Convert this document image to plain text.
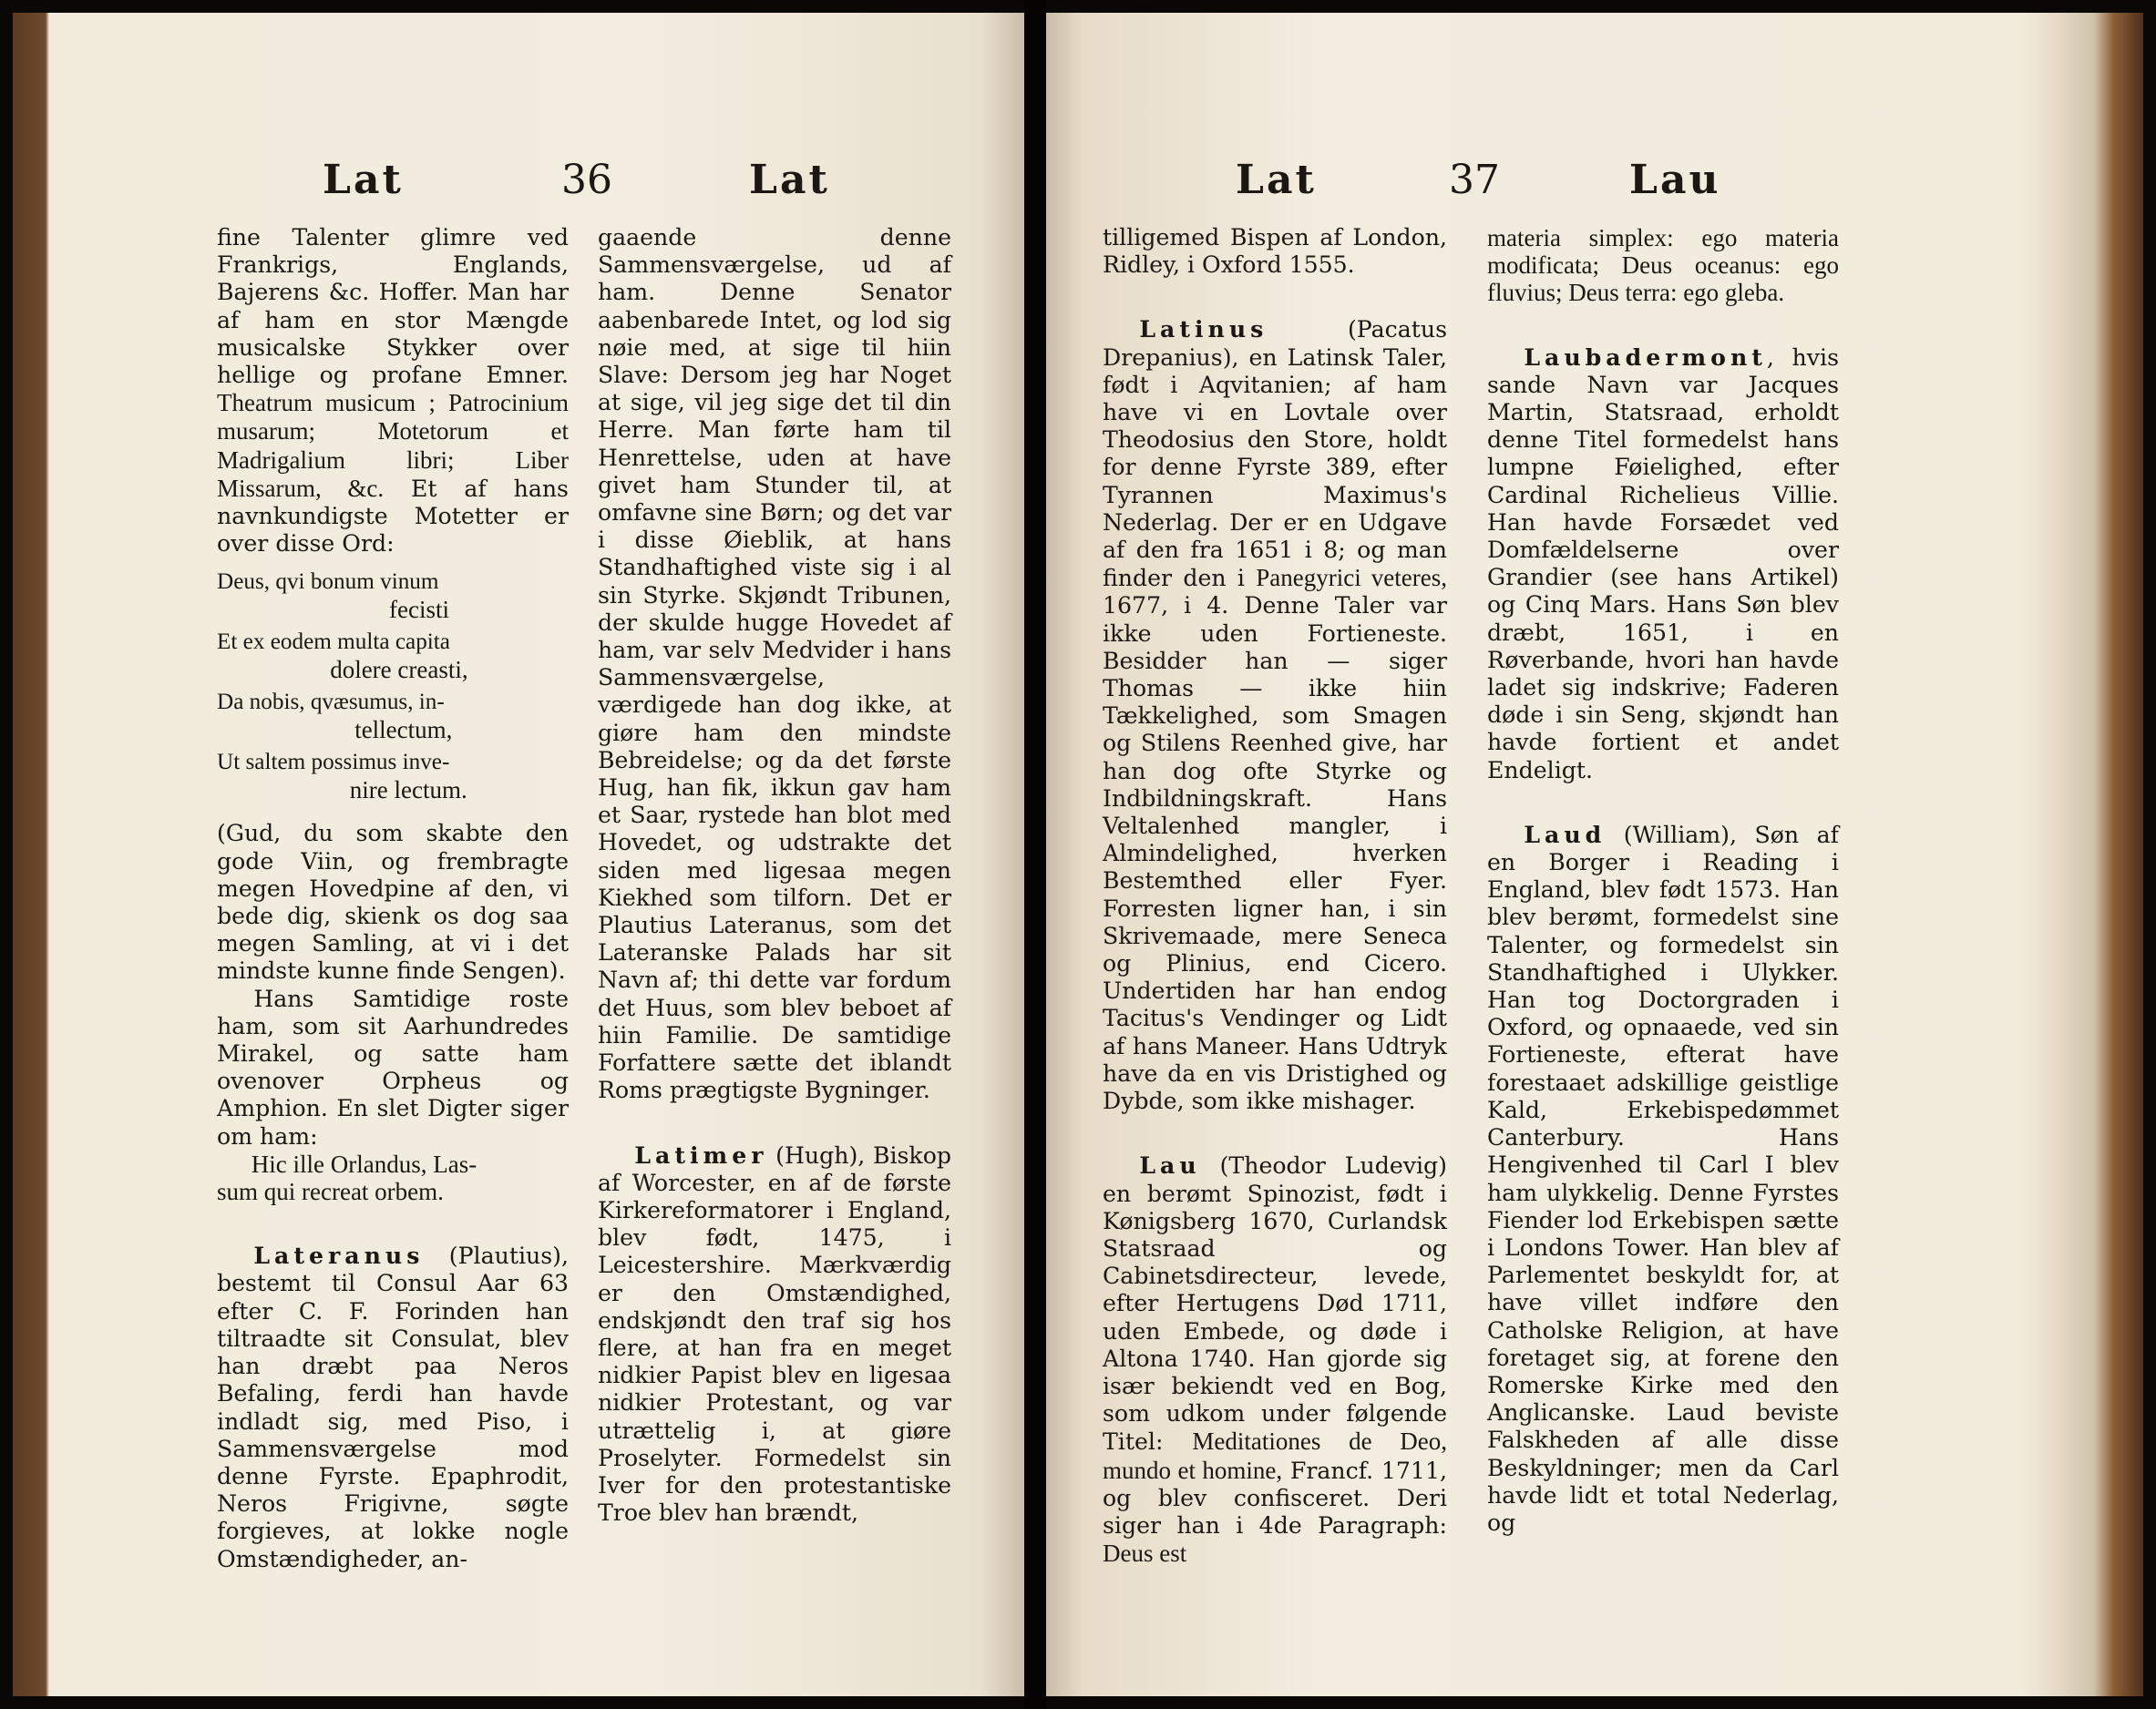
Lat	36	Lat

fine Talenter glimre ved Frankrigs, Englands, Bajerens &c. Hoffer. Man har af ham en stor Mængde musicalske Stykker over hellige og profane Emner. Theatrum musicum ; Patrocinium musarum; Motetorum et Madrigalium libri; Liber Missarum, &c. Et af hans navnkundigste Motetter er over disse Ord:

Deus, qvi bonum vinum

fecisti

Et ex eodem multa capita

dolere creasti,

Da nobis, qvæsumus, in-

tellectum,

Ut saltem possimus inve-

nire lectum.

(Gud, du som skabte den gode Viin, og frembragte megen Hovedpine af den, vi bede dig, skienk os dog saa megen Samling, at vi i det mindste kunne finde Sengen).

Hans Samtidige roste ham, som sit Aarhundredes Mirakel, og satte ham ovenover Orpheus og Amphion. En slet Digter siger om ham:

Hic ille Orlandus, Las-

sum qui recreat orbem.

Lateranus (Plautius), bestemt til Consul Aar 63 efter C. F. Forinden han tiltraadte sit Consulat, blev han dræbt paa Neros Befaling, ferdi han havde indladt sig, med Piso, i Sammensværgelse mod denne Fyrste. Epaphrodit, Neros Frigivne, søgte forgieves, at lokke nogle Omstændigheder, an-

gaaende denne Sammensværgelse, ud af ham. Denne Senator aabenbarede Intet, og lod sig nøie med, at sige til hiin Slave: Dersom jeg har Noget at sige, vil jeg sige det til din Herre. Man førte ham til Henrettelse, uden at have givet ham Stunder til, at omfavne sine Børn; og det var i disse Øieblik, at hans Standhaftighed viste sig i al sin Styrke. Skjøndt Tribunen, der skulde hugge Hovedet af ham, var selv Medvider i hans Sammensværgelse, værdigede han dog ikke, at giøre ham den mindste Bebreidelse; og da det første Hug, han fik, ikkun gav ham et Saar, rystede han blot med Hovedet, og udstrakte det siden med ligesaa megen Kiekhed som tilforn. Det er Plautius Lateranus, som det Lateranske Palads har sit Navn af; thi dette var fordum det Huus, som blev beboet af hiin Familie. De samtidige Forfattere sætte det iblandt Roms prægtigste Bygninger.

Latimer (Hugh), Biskop af Worcester, en af de første Kirkereformatorer i England, blev født, 1475, i Leicestershire. Mærkværdig er den Omstændighed, endskjøndt den traf sig hos flere, at han fra en meget nidkier Papist blev en ligesaa nidkier Protestant, og var utrættelig i, at giøre Proselyter. Formedelst sin Iver for den protestantiske Troe blev han brændt,

Lat	37	Lau

tilligemed Bispen af London, Ridley, i Oxford 1555.

Latinus	(Pacatus Drepanius), en Latinsk Taler, født i Aqvitanien; af ham have vi en Lovtale over Theodosius den Store, holdt for denne Fyrste 389, efter Tyrannen Maximus's Nederlag. Der er en Udgave af den fra 1651 i 8; og man finder den i Panegyrici veteres, 1677, i 4. Denne Taler var ikke uden Fortieneste. Besidder han — siger Thomas — ikke hiin Tækkelighed, som Smagen og Stilens Reenhed give, har han dog ofte Styrke og Indbildningskraft. Hans Veltalenhed mangler, i Almindelighed, hverken Bestemthed eller Fyer. Forresten ligner han, i sin Skrivemaade, mere Seneca og Plinius, end Cicero. Undertiden har han endog Tacitus's Vendinger og Lidt af hans Maneer. Hans Udtryk have da en vis Dristighed og Dybde, som ikke mishager.

Lau (Theodor Ludevig) en berømt Spinozist, født i Kønigsberg 1670, Curlandsk Statsraad og Cabinetsdirecteur, levede, efter Hertugens Død 1711, uden Embede, og døde i Altona 1740. Han gjorde sig især bekiendt ved en Bog, som udkom under følgende Titel: Meditationes de Deo, mundo et homine, Francf. 1711, og blev confisceret. Deri siger han i 4de Paragraph: Deus est

materia simplex: ego materia modificata; Deus oceanus: ego fluvius; Deus terra: ego gleba.

Laubadermont, hvis sande Navn var Jacques Martin, Statsraad, erholdt denne Titel formedelst hans lumpne Føielighed, efter Cardinal Richelieus Villie. Han havde Forsædet ved Domfældelserne over Grandier (see hans Artikel) og Cinq Mars. Hans Søn blev dræbt, 1651, i en Røverbande, hvori han havde ladet sig indskrive; Faderen døde i sin Seng, skjøndt han havde fortient et andet Endeligt.

Laud (William), Søn af en Borger i Reading i England, blev født 1573. Han blev berømt, formedelst sine Talenter, og formedelst sin Standhaftighed i Ulykker. Han tog Doctorgraden i Oxford, og opnaaede, ved sin Fortieneste, efterat have forestaaet adskillige geistlige Kald, Erkebispedømmet Canterbury. Hans Hengivenhed til Carl I blev ham ulykkelig. Denne Fyrstes Fiender lod Erkebispen sætte i Londons Tower. Han blev af Parlementet beskyldt for, at have villet indføre den Catholske Religion, at have foretaget sig, at forene den Romerske Kirke med den Anglicanske. Laud beviste Falskheden af alle disse Beskyldninger; men da Carl havde lidt et total Nederlag, og
